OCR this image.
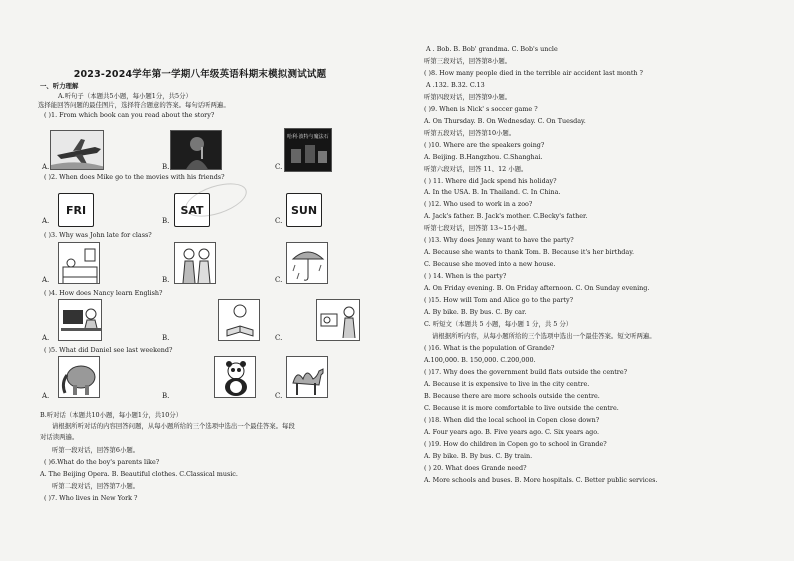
2023-2024学年第一学期八年级英语科期末模拟测试试题
一、听力理解
A.听句子（本题共5小题，每小题1分，共5分）
选择能回答问题的最佳图片，选择符合题意的答案。每句话听两遍。
( )1. From which book can you read about the story?
A.	B.	C.
哈利·波特与魔法石
( )2. When does Mike go to the movies with his friends?
A.
FRI
B.
SAT
C.
SUN
( )3. Why was John late for class?
A.	B.	C.
( )4. How does Nancy learn English?
A.	B.	C.
( )5. What did Daniel see last weekend?
A.	B.	C.
B.听对话（本题共10小题，每小题1分，共10分）
请根据所听对话的内容回答问题，从每小题所给的三个选项中选出一个最佳答案。每段
对话读两遍。
听第一段对话，回答第6小题。
( )6.What do the boy's parents like?
A. The Beijing Opera. B. Beautiful clothes. C.Classical music.
听第二段对话，回答第7小题。
( )7. Who lives in New York ?
A . Bob. B. Bob' grandma. C. Bob's uncle
听第三段对话，回答第8小题。
( )8. How many people died in the terrible air accident last month ?
A .132. B.32. C.13
听第四段对话，回答第9小题。
( )9. When is Nick' s soccer game ?
A. On Thursday. B. On Wednesday. C. On Tuesday.
听第五段对话，回答第10小题。
( )10. Where are the speakers going?
A. Beijing. B.Hangzhou. C.Shanghai.
听第六段对话，回答 11、12 小题。
( ) 11. Where did Jack spend his holiday?
A. In the USA. B. In Thailand. C. In China.
( )12. Who used to work in a zoo?
A. Jack's father. B. Jack's mother. C.Becky's father.
听第七段对话，回答第 13~15小题。
( )13. Why does Jenny want to have the party?
A. Because she wants to thank Tom. B. Because it's her birthday.
C. Because she moved into a new house.
( ) 14. When is the party?
A. On Friday evening. B. On Friday afternoon. C. On Sunday evening.
( )15. How will Tom and Alice go to the party?
A. By bike. B. By bus. C. By car.
C. 听短文（本题共 5 小题，每小题 1 分，共 5 分）
请根据所听内容，从每小题所给的三个选项中选出一个最佳答案。短文听两遍。
( )16. What is the population of Grande?
A.100,000. B. 150,000. C.200,000.
( )17. Why does the government build flats outside the centre?
A. Because it is expensive to live in the city centre.
B. Because there are more schools outside the centre.
C. Because it is more comfortable to live outside the centre.
( )18. When did the local school in Copen close down?
A. Four years ago. B. Five years ago. C. Six years ago.
( )19. How do children in Copen go to school in Grande?
A. By bike. B. By bus. C. By train.
( ) 20. What does Grande need?
A. More schools and buses. B. More hospitals. C. Better public services.
